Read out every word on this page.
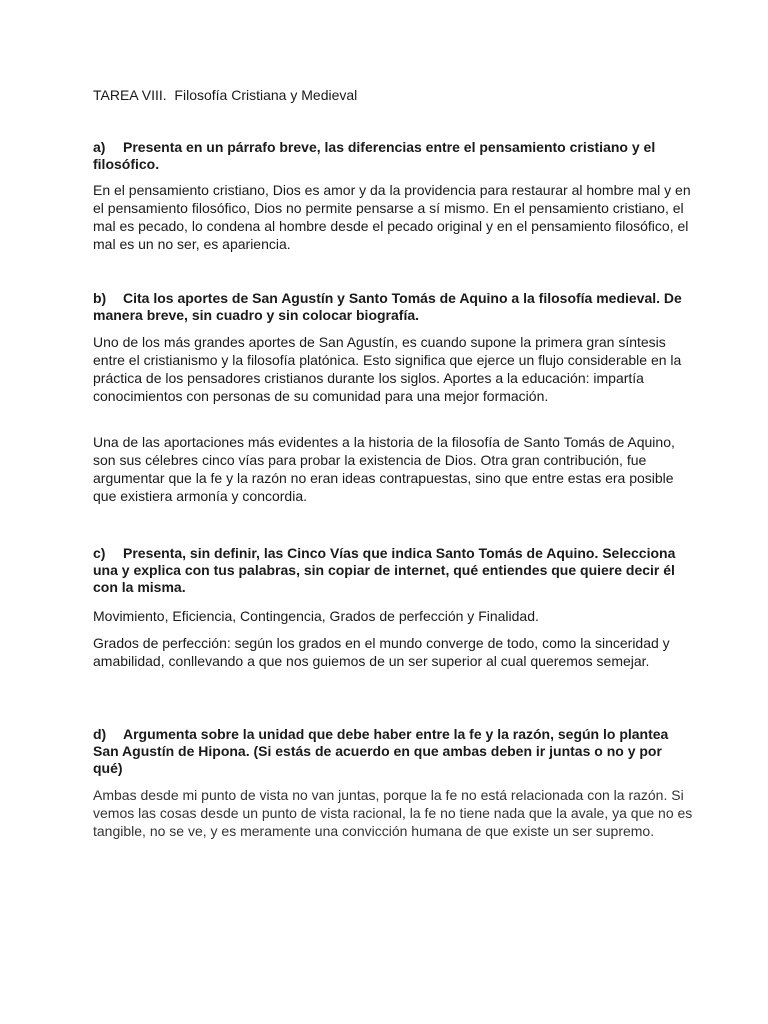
TAREA VIII.  Filosofía Cristiana y Medieval
a) Presenta en un párrafo breve, las diferencias entre el pensamiento cristiano y el filosófico.
En el pensamiento cristiano, Dios es amor y da la providencia para restaurar al hombre mal y en el pensamiento filosófico, Dios no permite pensarse a sí mismo. En el pensamiento cristiano, el mal es pecado, lo condena al hombre desde el pecado original y en el pensamiento filosófico, el mal es un no ser, es apariencia.
b) Cita los aportes de San Agustín y Santo Tomás de Aquino a la filosofía medieval. De manera breve, sin cuadro y sin colocar biografía.
Uno de los más grandes aportes de San Agustín, es cuando supone la primera gran síntesis entre el cristianismo y la filosofía platónica. Esto significa que ejerce un flujo considerable en la práctica de los pensadores cristianos durante los siglos. Aportes a la educación: impartía conocimientos con personas de su comunidad para una mejor formación.
Una de las aportaciones más evidentes a la historia de la filosofía de Santo Tomás de Aquino, son sus célebres cinco vías para probar la existencia de Dios. Otra gran contribución, fue argumentar que la fe y la razón no eran ideas contrapuestas, sino que entre estas era posible que existiera armonía y concordia.
c) Presenta, sin definir, las Cinco Vías que indica Santo Tomás de Aquino. Selecciona una y explica con tus palabras, sin copiar de internet, qué entiendes que quiere decir él con la misma.
Movimiento, Eficiencia, Contingencia, Grados de perfección y Finalidad.
Grados de perfección: según los grados en el mundo converge de todo, como la sinceridad y amabilidad, conllevando a que nos guiemos de un ser superior al cual queremos semejar.
d) Argumenta sobre la unidad que debe haber entre la fe y la razón, según lo plantea San Agustín de Hipona. (Si estás de acuerdo en que ambas deben ir juntas o no y por qué)
Ambas desde mi punto de vista no van juntas, porque la fe no está relacionada con la razón. Si vemos las cosas desde un punto de vista racional, la fe no tiene nada que la avale, ya que no es tangible, no se ve, y es meramente una convicción humana de que existe un ser supremo.
